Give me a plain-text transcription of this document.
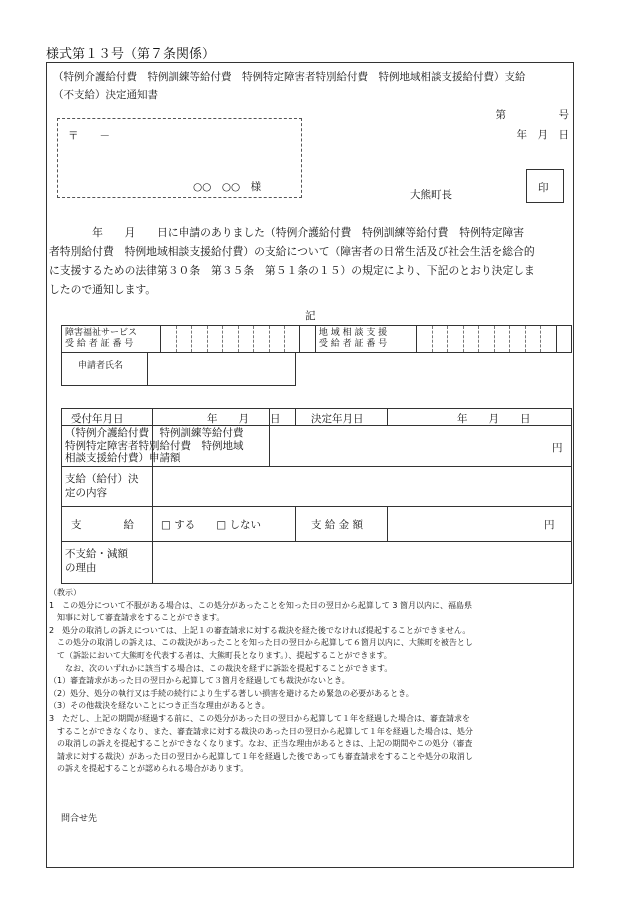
様式第１３号（第７条関係）
（特例介護給付費　特例訓練等給付費　特例特定障害者特別給付費　特例地域相談支援給付費）支給
（不支給）決定通知書
第　　　　　号
年　月　日
〒　　－
○○　○○　様
大熊町長
印
　　　　年　　月　　日に申請のありました（特例介護給付費　特例訓練等給付費　特例特定障害
者特別給付費　特例地域相談支援給付費）の支給について（障害者の日常生活及び社会生活を総合的
に支援するための法律第３０条　第３５条　第５１条の１５）の規定により、下記のとおり決定しま
したので通知します。
記
障害福祉サービス
受 給 者 証 番 号

地 域 相 談 支 援
受 給 者 証 番 号

申請者氏名
受付年月日	年　　月　　日	決定年月日	年　　月　　日
（特例介護給付費　特例訓練等給付費
特例特定障害者特別給付費　特例地域
相談支援給付費）申請額
円
支給（給付）決
定の内容
支　　　　給	□ する　　□ しない	支 給 金 額	円
不支給・減額
の理由
（教示）
1　この処分について不服がある場合は、この処分があったことを知った日の翌日から起算して 3 箇月以内に、福島県
　知事に対して審査請求をすることができます。
2　処分の取消しの訴えについては、上記１の審査請求に対する裁決を経た後でなければ提起することができません。
　この処分の取消しの訴えは、この裁決があったことを知った日の翌日から起算して６箇月以内に、大熊町を被告とし
　て（訴訟において大熊町を代表する者は、大熊町長となります。）、提起することができます。
　　なお、次のいずれかに該当する場合は、この裁決を経ずに訴訟を提起することができます。
（1）審査請求があった日の翌日から起算して３箇月を経過しても裁決がないとき。
（2）処分、処分の執行又は手続の続行により生ずる著しい損害を避けるため緊急の必要があるとき。
（3）その他裁決を経ないことにつき正当な理由があるとき。
3　ただし、上記の期間が経過する前に、この処分があった日の翌日から起算して１年を経過した場合は、審査請求を
　することができなくなり、また、審査請求に対する裁決のあった日の翌日から起算して１年を経過した場合は、処分
　の取消しの訴えを提起することができなくなります。なお、正当な理由があるときは、上記の期間やこの処分（審査
　請求に対する裁決）があった日の翌日から起算して１年を経過した後であっても審査請求をすることや処分の取消し
　の訴えを提起することが認められる場合があります。
問合せ先
